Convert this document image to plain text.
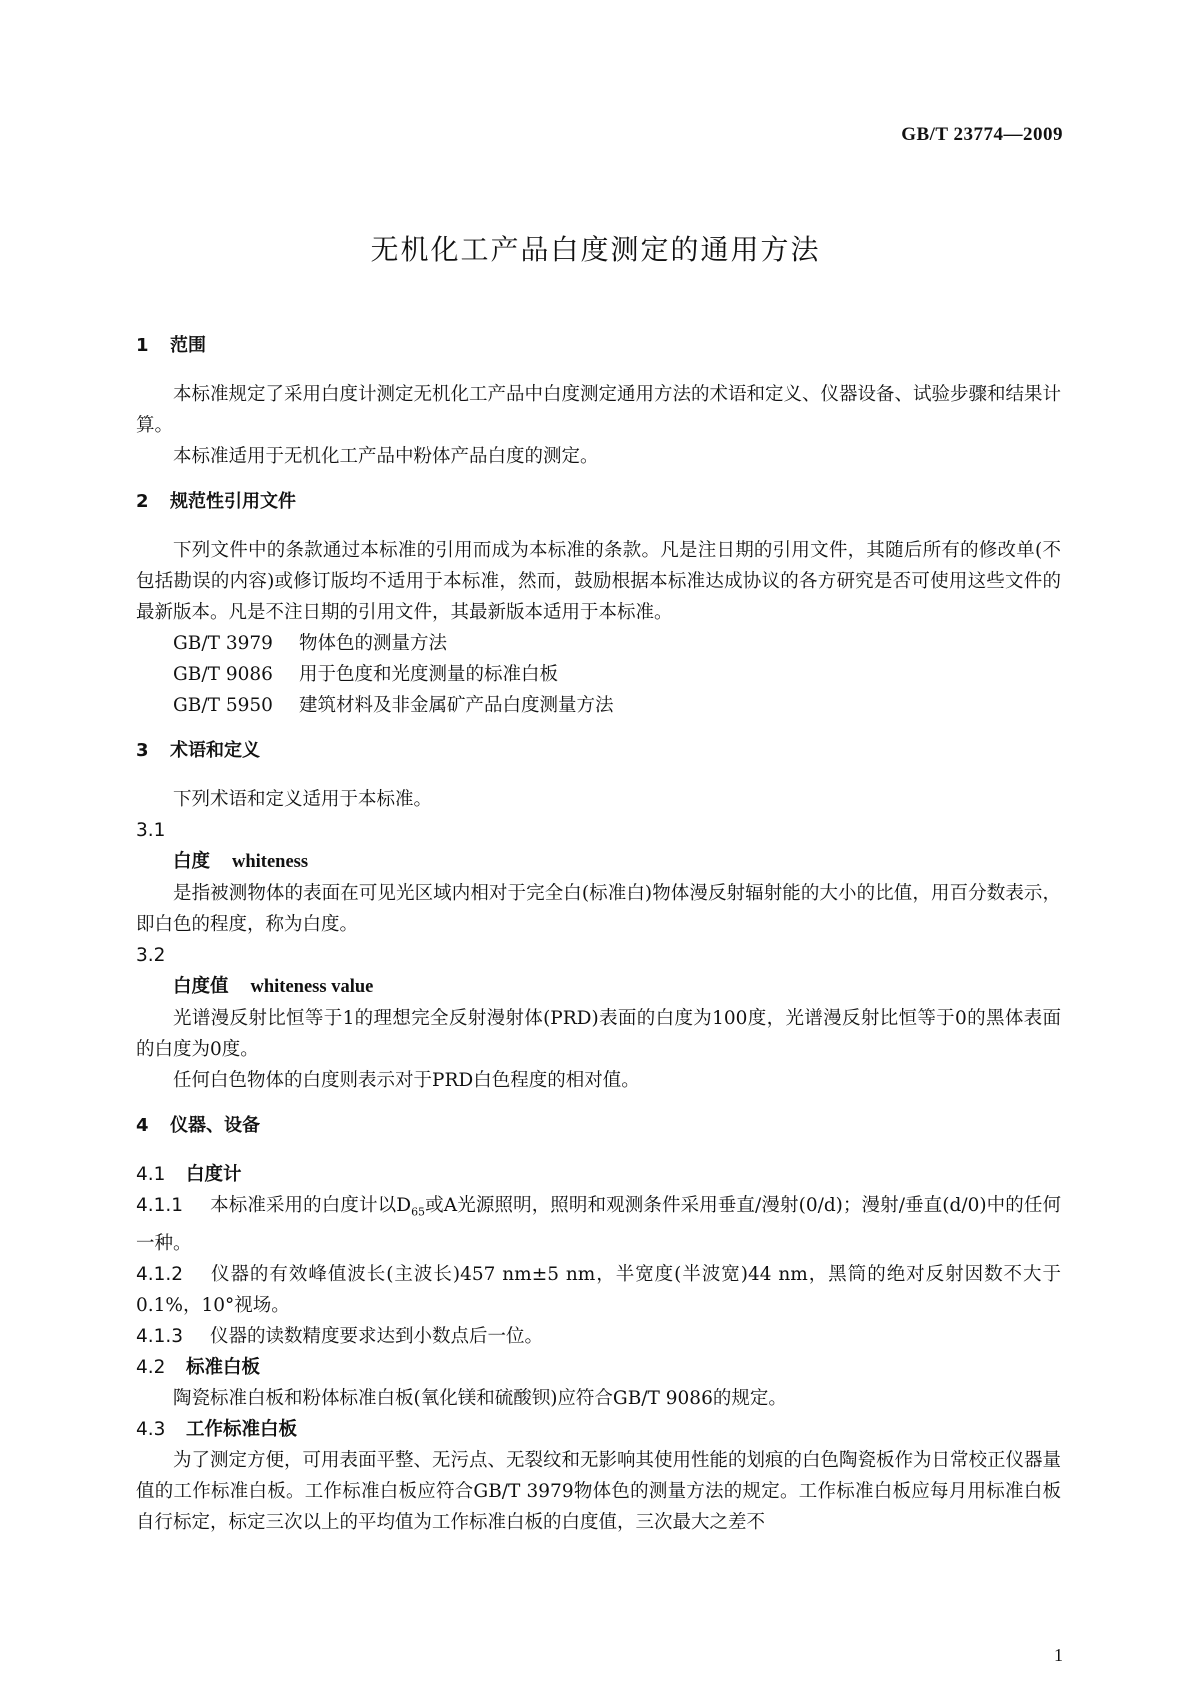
GB/T 23774—2009
无机化工产品白度测定的通用方法
1 范围

本标准规定了采用白度计测定无机化工产品中白度测定通用方法的术语和定义、仪器设备、试验步骤和结果计算。

本标准适用于无机化工产品中粉体产品白度的测定。

2 规范性引用文件

下列文件中的条款通过本标准的引用而成为本标准的条款。凡是注日期的引用文件，其随后所有的修改单(不包括勘误的内容)或修订版均不适用于本标准，然而，鼓励根据本标准达成协议的各方研究是否可使用这些文件的最新版本。凡是不注日期的引用文件，其最新版本适用于本标准。

GB/T 3979 物体色的测量方法

GB/T 9086 用于色度和光度测量的标准白板

GB/T 5950 建筑材料及非金属矿产品白度测量方法

3 术语和定义

下列术语和定义适用于本标准。

3.1

白度 whiteness

是指被测物体的表面在可见光区域内相对于完全白(标准白)物体漫反射辐射能的大小的比值，用百分数表示，即白色的程度，称为白度。

3.2

白度值 whiteness value

光谱漫反射比恒等于1的理想完全反射漫射体(PRD)表面的白度为100度，光谱漫反射比恒等于0的黑体表面的白度为0度。

任何白色物体的白度则表示对于PRD白色程度的相对值。

4 仪器、设备

4.1 白度计

4.1.1 本标准采用的白度计以$D_{65}$或A光源照明，照明和观测条件采用垂直/漫射(0/d)；漫射/垂直(d/0)中的任何一种。

4.1.2 仪器的有效峰值波长(主波长)457 nm±5 nm，半宽度(半波宽)44 nm，黑筒的绝对反射因数不大于0.1%，10°视场。

4.1.3 仪器的读数精度要求达到小数点后一位。

4.2 标准白板

陶瓷标准白板和粉体标准白板(氧化镁和硫酸钡)应符合GB/T 9086的规定。

4.3 工作标准白板

为了测定方便，可用表面平整、无污点、无裂纹和无影响其使用性能的划痕的白色陶瓷板作为日常校正仪器量值的工作标准白板。工作标准白板应符合GB/T 3979物体色的测量方法的规定。工作标准白板应每月用标准白板自行标定，标定三次以上的平均值为工作标准白板的白度值，三次最大之差不

1
